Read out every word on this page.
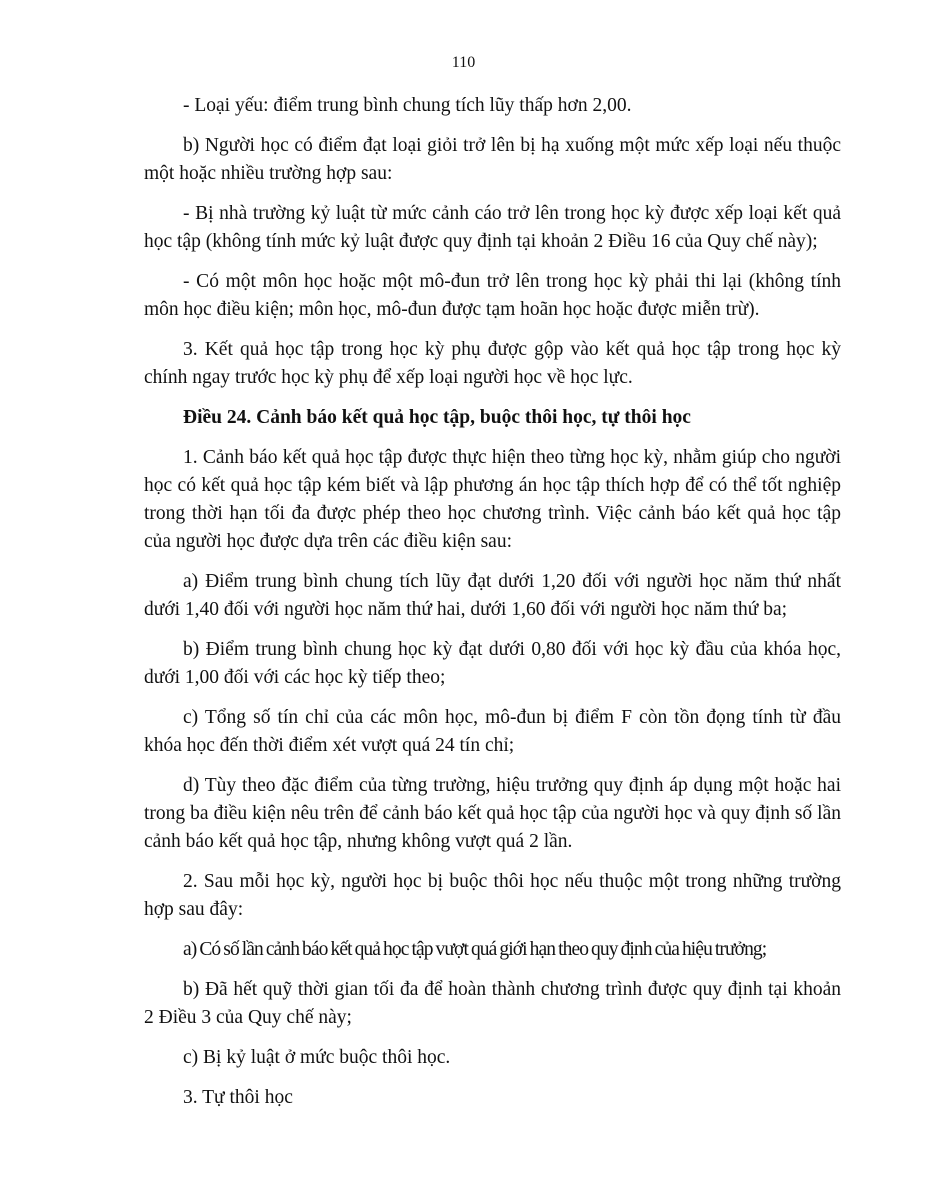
110

- Loại yếu: điểm trung bình chung tích lũy thấp hơn 2,00.

b) Người học có điểm đạt loại giỏi trở lên bị hạ xuống một mức xếp loại nếu thuộc một hoặc nhiều trường hợp sau:

- Bị nhà trường kỷ luật từ mức cảnh cáo trở lên trong học kỳ được xếp loại kết quả học tập (không tính mức kỷ luật được quy định tại khoản 2 Điều 16 của Quy chế này);

- Có một môn học hoặc một mô-đun trở lên trong học kỳ phải thi lại (không tính môn học điều kiện; môn học, mô-đun được tạm hoãn học hoặc được miễn trừ).

3. Kết quả học tập trong học kỳ phụ được gộp vào kết quả học tập trong học kỳ chính ngay trước học kỳ phụ để xếp loại người học về học lực.

Điều 24. Cảnh báo kết quả học tập, buộc thôi học, tự thôi học

1. Cảnh báo kết quả học tập được thực hiện theo từng học kỳ, nhằm giúp cho người học có kết quả học tập kém biết và lập phương án học tập thích hợp để có thể tốt nghiệp trong thời hạn tối đa được phép theo học chương trình. Việc cảnh báo kết quả học tập của người học được dựa trên các điều kiện sau:

a) Điểm trung bình chung tích lũy đạt dưới 1,20 đối với người học năm thứ nhất dưới 1,40 đối với người học năm thứ hai, dưới 1,60 đối với người học năm thứ ba;

b) Điểm trung bình chung học kỳ đạt dưới 0,80 đối với học kỳ đầu của khóa học, dưới 1,00 đối với các học kỳ tiếp theo;

c) Tổng số tín chỉ của các môn học, mô-đun bị điểm F còn tồn đọng tính từ đầu khóa học đến thời điểm xét vượt quá 24 tín chỉ;

d) Tùy theo đặc điểm của từng trường, hiệu trưởng quy định áp dụng một hoặc hai trong ba điều kiện nêu trên để cảnh báo kết quả học tập của người học và quy định số lần cảnh báo kết quả học tập, nhưng không vượt quá 2 lần.

2. Sau mỗi học kỳ, người học bị buộc thôi học nếu thuộc một trong những trường hợp sau đây:

a) Có số lần cảnh báo kết quả học tập vượt quá giới hạn theo quy định của hiệu trưởng;

b) Đã hết quỹ thời gian tối đa để hoàn thành chương trình được quy định tại khoản 2 Điều 3 của Quy chế này;

c) Bị kỷ luật ở mức buộc thôi học.

3. Tự thôi học
